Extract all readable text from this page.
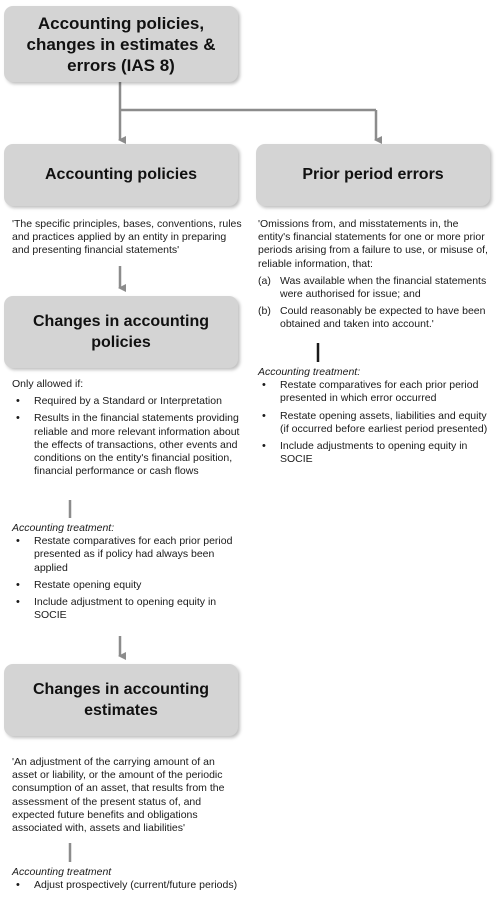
Accounting policies, changes in estimates & errors (IAS 8)
Accounting policies
'The specific principles, bases, conventions, rules and practices applied by an entity in preparing and presenting financial statements'
Prior period errors

'Omissions from, and misstatements in, the entity's financial statements for one or more prior periods arising from a failure to use, or misuse of, reliable information, that:

(a) Was available when the financial statements were authorised for issue; and
(b) Could reasonably be expected to have been obtained and taken into account.'

Accounting treatment:

• Restate comparatives for each prior period presented in which error occurred
• Restate opening assets, liabilities and equity (if occurred before earliest period presented)
• Include adjustments to opening equity in SOCIE
Changes in accounting policies

Only allowed if:

• Required by a Standard or Interpretation
• Results in the financial statements providing reliable and more relevant information about the effects of transactions, other events and conditions on the entity's financial position, financial performance or cash flows

Accounting treatment:

• Restate comparatives for each prior period presented as if policy had always been applied
• Restate opening equity
• Include adjustment to opening equity in SOCIE
Changes in accounting estimates
'An adjustment of the carrying amount of an asset or liability, or the amount of the periodic consumption of an asset, that results from the assessment of the present status of, and expected future benefits and obligations associated with, assets and liabilities'

Accounting treatment

• Adjust prospectively (current/future periods)
